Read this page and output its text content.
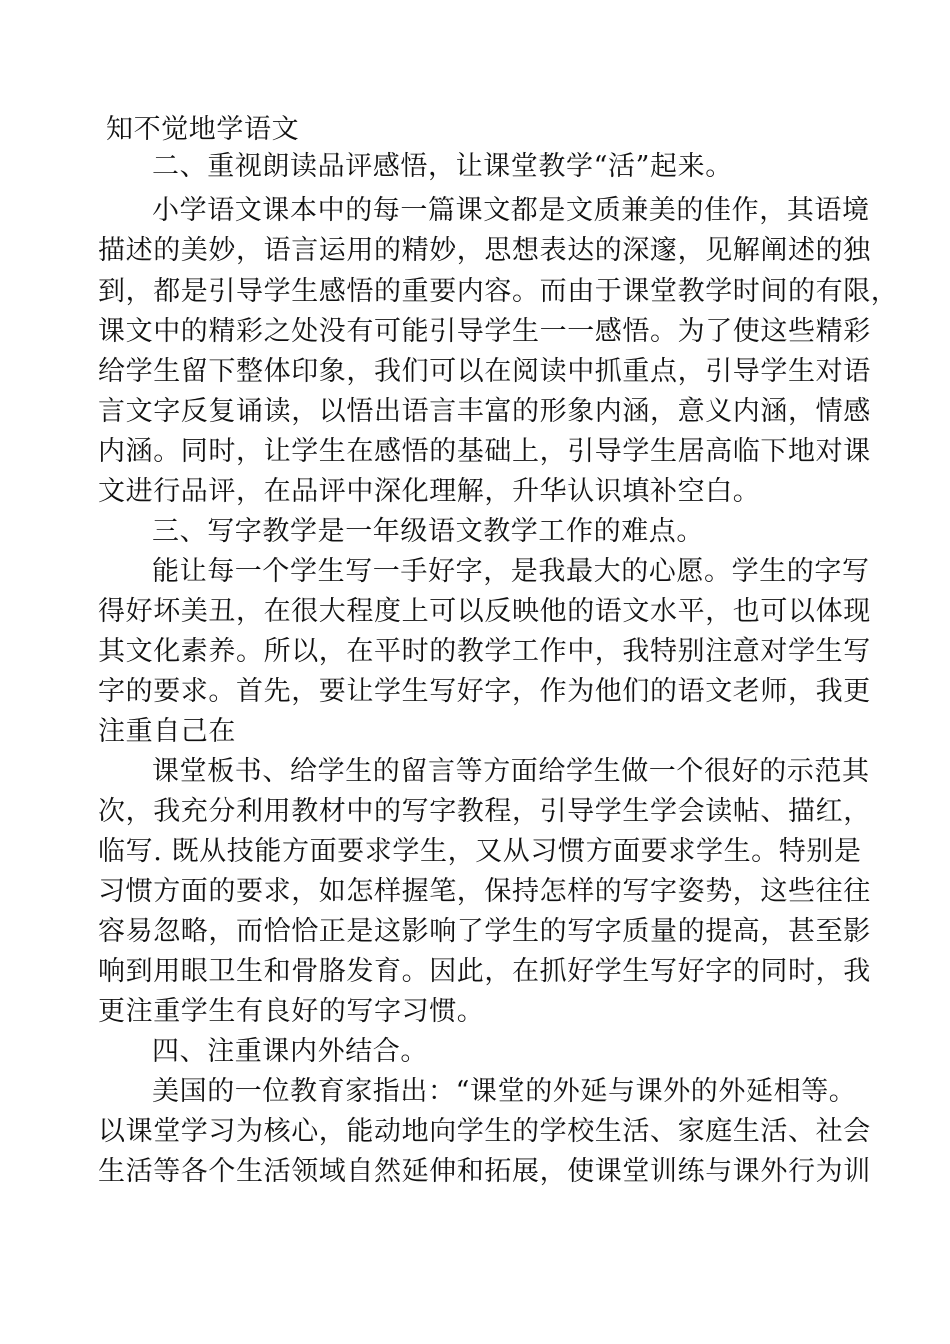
知不觉地学语文
二、重视朗读品评感悟，让课堂教学“活”起来。
小学语文课本中的每一篇课文都是文质兼美的佳作，其语境
描述的美妙，语言运用的精妙，思想表达的深邃，见解阐述的独
到，都是引导学生感悟的重要内容。而由于课堂教学时间的有限，
课文中的精彩之处没有可能引导学生一一感悟。为了使这些精彩
给学生留下整体印象，我们可以在阅读中抓重点，引导学生对语
言文字反复诵读，以悟出语言丰富的形象内涵，意义内涵，情感
内涵。同时，让学生在感悟的基础上，引导学生居高临下地对课
文进行品评，在品评中深化理解，升华认识填补空白。
三、写字教学是一年级语文教学工作的难点。
能让每一个学生写一手好字，是我最大的心愿。学生的字写
得好坏美丑，在很大程度上可以反映他的语文水平，也可以体现
其文化素养。所以，在平时的教学工作中，我特别注意对学生写
字的要求。首先，要让学生写好字，作为他们的语文老师，我更
注重自己在
课堂板书、给学生的留言等方面给学生做一个很好的示范其
次，我充分利用教材中的写字教程，引导学生学会读帖、描红，
临写. 既从技能方面要求学生，又从习惯方面要求学生。特别是
习惯方面的要求，如怎样握笔，保持怎样的写字姿势，这些往往
容易忽略，而恰恰正是这影响了学生的写字质量的提高，甚至影
响到用眼卫生和骨胳发育。因此，在抓好学生写好字的同时，我
更注重学生有良好的写字习惯。
四、注重课内外结合。
美国的一位教育家指出：“课堂的外延与课外的外延相等。
以课堂学习为核心，能动地向学生的学校生活、家庭生活、社会
生活等各个生活领域自然延伸和拓展，使课堂训练与课外行为训
